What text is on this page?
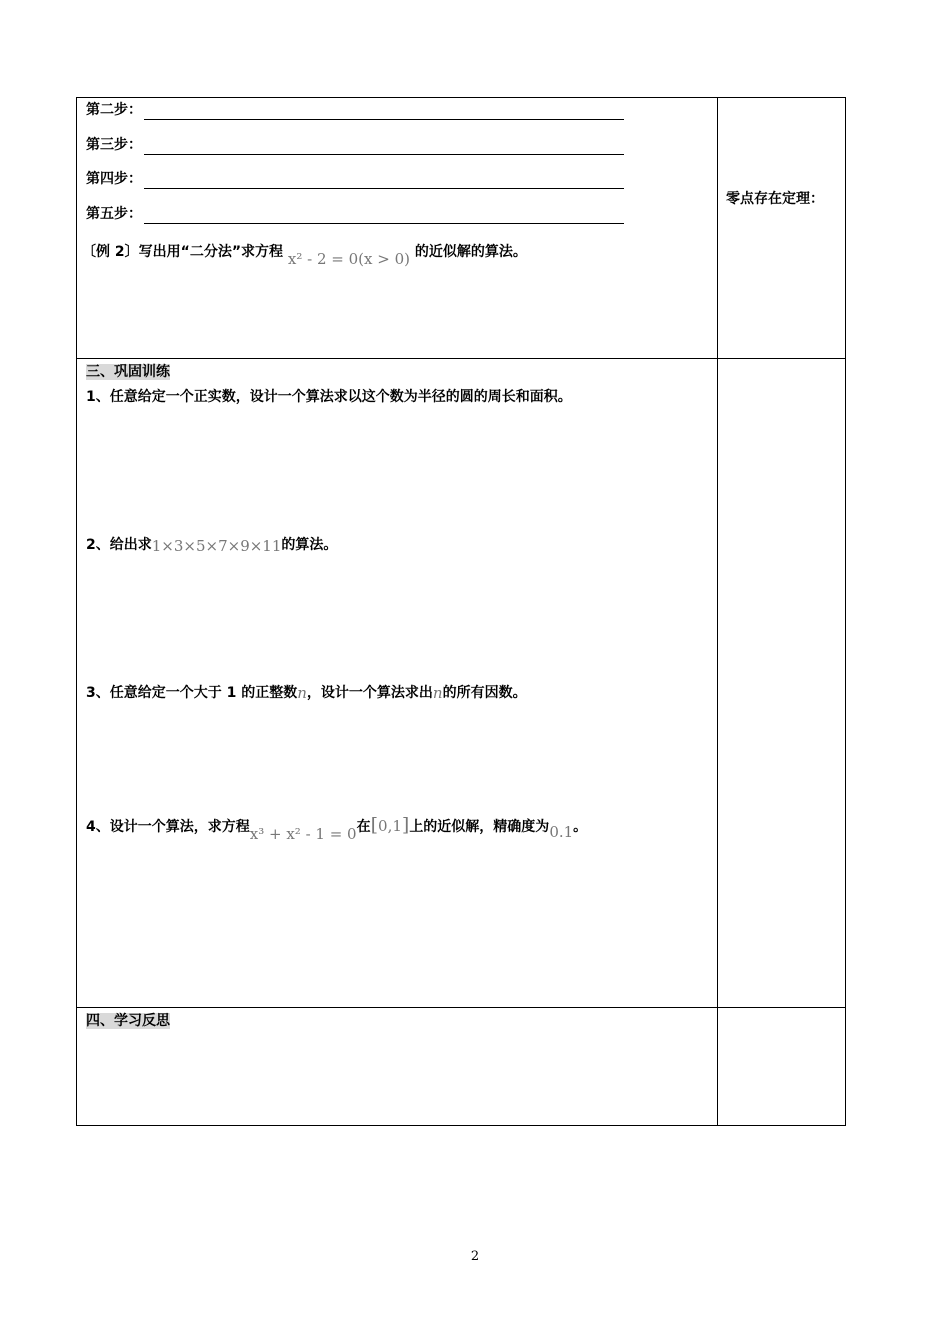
第二步：
第三步：
第四步：
第五步：
〔例 2〕写出用“二分法”求方程 x² - 2 = 0(x > 0) 的近似解的算法。
零点存在定理：
三、巩固训练
1、任意给定一个正实数，设计一个算法求以这个数为半径的圆的周长和面积。
2、给出求1×3×5×7×9×11的算法。
3、任意给定一个大于 1 的正整数n，设计一个算法求出n的所有因数。
4、设计一个算法，求方程x³ + x² - 1 = 0在[0,1]上的近似解，精确度为0.1。
四、学习反思
2
